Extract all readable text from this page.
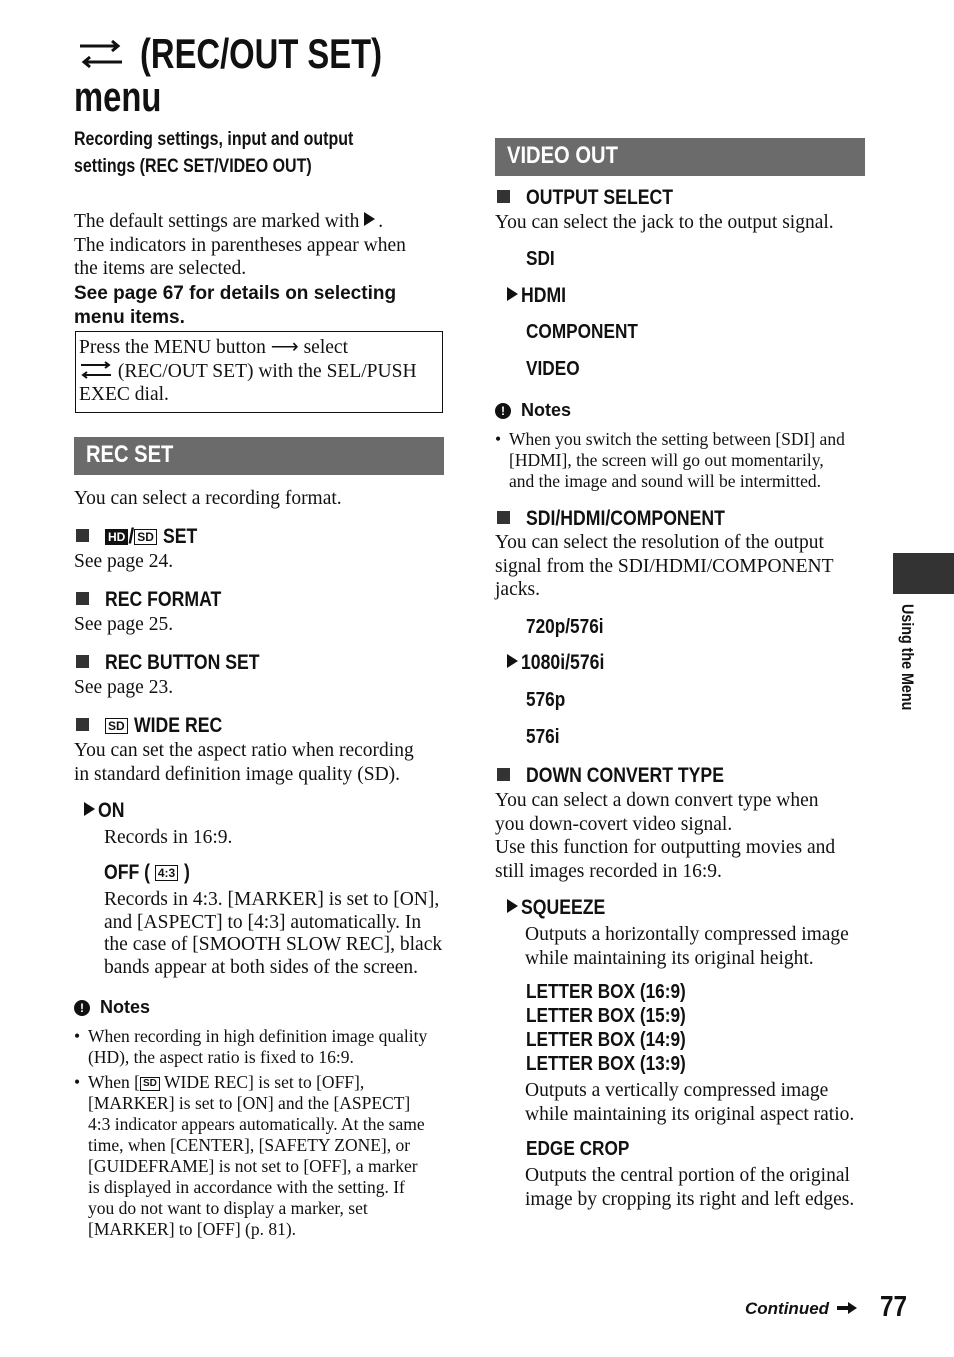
(REC/OUT SET)
menu
Recording settings, input and output
settings (REC SET/VIDEO OUT)
The default settings are marked with .
The indicators in parentheses appear when
the items are selected.
See page 67 for details on selecting
menu items.
Press the MENU button ⟶ select
(REC/OUT SET) with the SEL/PUSH
EXEC dial.
REC SET
You can select a recording format.
HD / SD SET
See page 24.
REC FORMAT
See page 25.
REC BUTTON SET
See page 23.
SD WIDE REC
You can set the aspect ratio when recording
in standard definition image quality (SD).
ON
Records in 16:9.
OFF ( 4:3 )
Records in 4:3. [MARKER] is set to [ON],
and [ASPECT] to [4:3] automatically. In
the case of [SMOOTH SLOW REC], black
bands appear at both sides of the screen.
! Notes
• When recording in high definition image quality
(HD), the aspect ratio is fixed to 16:9.
• When [ SD WIDE REC] is set to [OFF],
[MARKER] is set to [ON] and the [ASPECT]
4:3 indicator appears automatically. At the same
time, when [CENTER], [SAFETY ZONE], or
[GUIDEFRAME] is not set to [OFF], a marker
is displayed in accordance with the setting. If
you do not want to display a marker, set
[MARKER] to [OFF] (p. 81).
VIDEO OUT
OUTPUT SELECT
You can select the jack to the output signal.
SDI
HDMI
COMPONENT
VIDEO
! Notes
• When you switch the setting between [SDI] and
[HDMI], the screen will go out momentarily,
and the image and sound will be intermitted.
SDI/HDMI/COMPONENT
You can select the resolution of the output
signal from the SDI/HDMI/COMPONENT
jacks.
720p/576i
1080i/576i
576p
576i
DOWN CONVERT TYPE
You can select a down convert type when
you down-covert video signal.
Use this function for outputting movies and
still images recorded in 16:9.
SQUEEZE
Outputs a horizontally compressed image
while maintaining its original height.
LETTER BOX (16:9)
LETTER BOX (15:9)
LETTER BOX (14:9)
LETTER BOX (13:9)
Outputs a vertically compressed image
while maintaining its original aspect ratio.
EDGE CROP
Outputs the central portion of the original
image by cropping its right and left edges.
Using the Menu
Continued	77
